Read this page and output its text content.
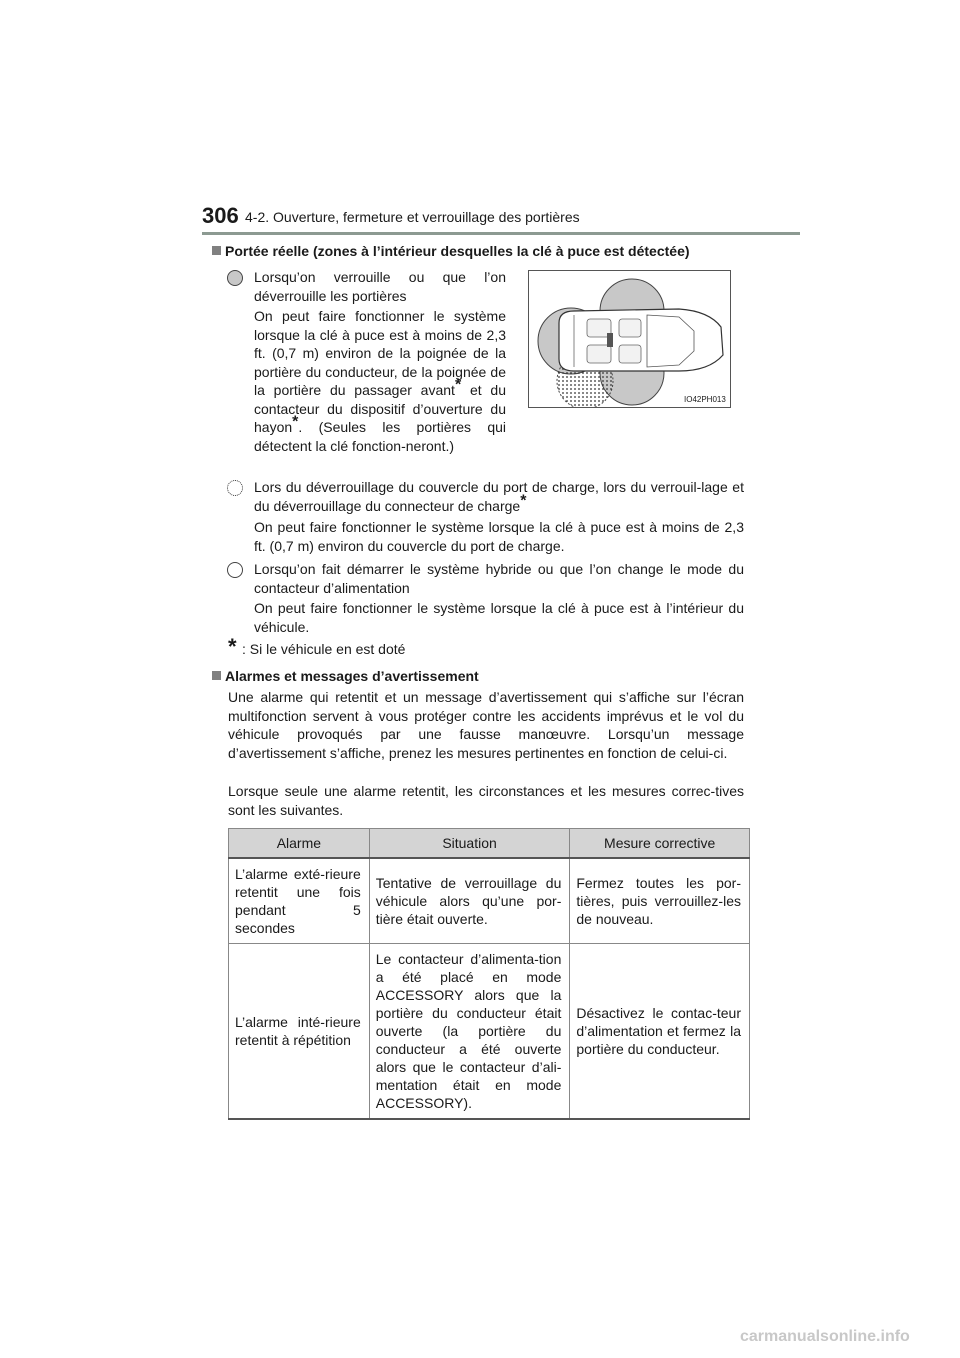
306 4-2. Ouverture, fermeture et verrouillage des portières
Portée réelle (zones à l’intérieur desquelles la clé à puce est détectée)
Lorsqu’on verrouille ou que l’on déverrouille les portières
On peut faire fonctionner le système lorsque la clé à puce est à moins de 2,3 ft. (0,7 m) environ de la poignée de la portière du conducteur, de la poignée de la portière du passager avant* et du contacteur du dispositif d’ouverture du hayon*. (Seules les portières qui détectent la clé fonction-neront.)
IO42PH013
Lors du déverrouillage du couvercle du port de charge, lors du verrouil-lage et du déverrouillage du connecteur de charge*
On peut faire fonctionner le système lorsque la clé à puce est à moins de 2,3 ft. (0,7 m) environ du couvercle du port de charge.
Lorsqu’on fait démarrer le système hybride ou que l’on change le mode du contacteur d’alimentation
On peut faire fonctionner le système lorsque la clé à puce est à l’intérieur du véhicule.
* : Si le véhicule en est doté
Alarmes et messages d’avertissement
Une alarme qui retentit et un message d’avertissement qui s’affiche sur l’écran multifonction servent à vous protéger contre les accidents imprévus et le vol du véhicule provoqués par une fausse manœuvre. Lorsqu’un message d’avertissement s’affiche, prenez les mesures pertinentes en fonction de celui-ci.
Lorsque seule une alarme retentit, les circonstances et les mesures correc-tives sont les suivantes.
Alarme	Situation	Mesure corrective
L’alarme exté-rieure retentit une fois pendant 5 secondes	Tentative de verrouillage du véhicule alors qu’une por-tière était ouverte.	Fermez toutes les por-tières, puis verrouillez-les de nouveau.
L’alarme inté-rieure retentit à répétition	Le contacteur d’alimenta-tion a été placé en mode ACCESSORY alors que la portière du conducteur était ouverte (la portière du conducteur a été ouverte alors que le contacteur d’ali-mentation était en mode ACCESSORY).	Désactivez le contac-teur d’alimentation et fermez la portière du conducteur.
carmanualsonline.info
